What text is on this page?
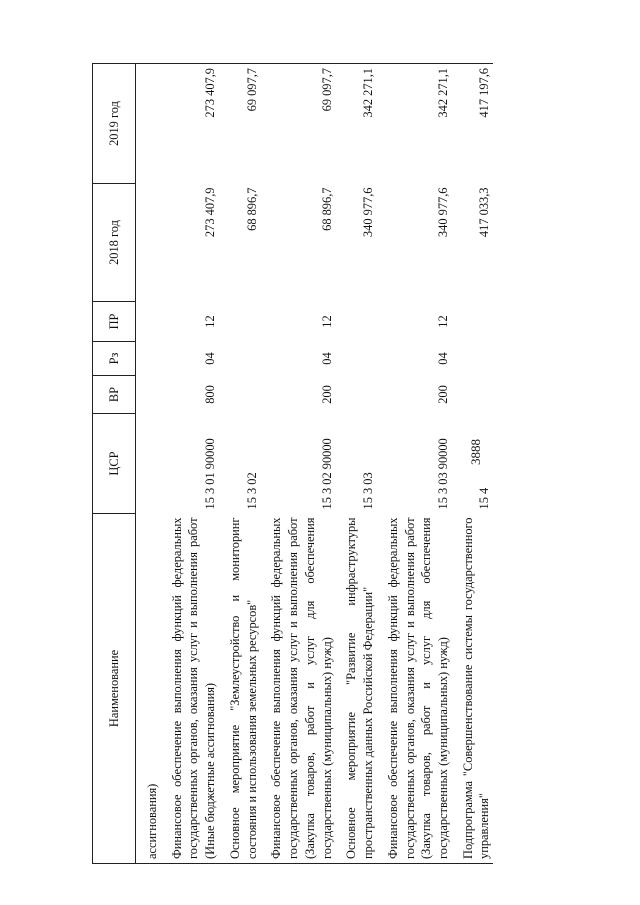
3888
Наименование	ЦСР	ВР	Рз	ПР	2018 год	2019 год
ассигнования)						
Финансовое обеспечение выполнения функций федеральных государственных органов, оказания услуг и выполнения работ (Иные бюджетные ассигнования)	15 3 01 90000	800	04	12	273 407,9	273 407,9
Основное мероприятие "Землеустройство и мониторинг состояния и использования земельных ресурсов"	15 3 02				68 896,7	69 097,7
Финансовое обеспечение выполнения функций федеральных государственных органов, оказания услуг и выполнения работ (Закупка товаров, работ и услуг для обеспечения государственных (муниципальных) нужд)	15 3 02 90000	200	04	12	68 896,7	69 097,7
Основное мероприятие "Развитие инфраструктуры пространственных данных Российской Федерации"	15 3 03				340 977,6	342 271,1
Финансовое обеспечение выполнения функций федеральных государственных органов, оказания услуг и выполнения работ (Закупка товаров, работ и услуг для обеспечения государственных (муниципальных) нужд)	15 3 03 90000	200	04	12	340 977,6	342 271,1
Подпрограмма "Совершенствование системы государственного управления"	15 4				417 033,3	417 197,6
